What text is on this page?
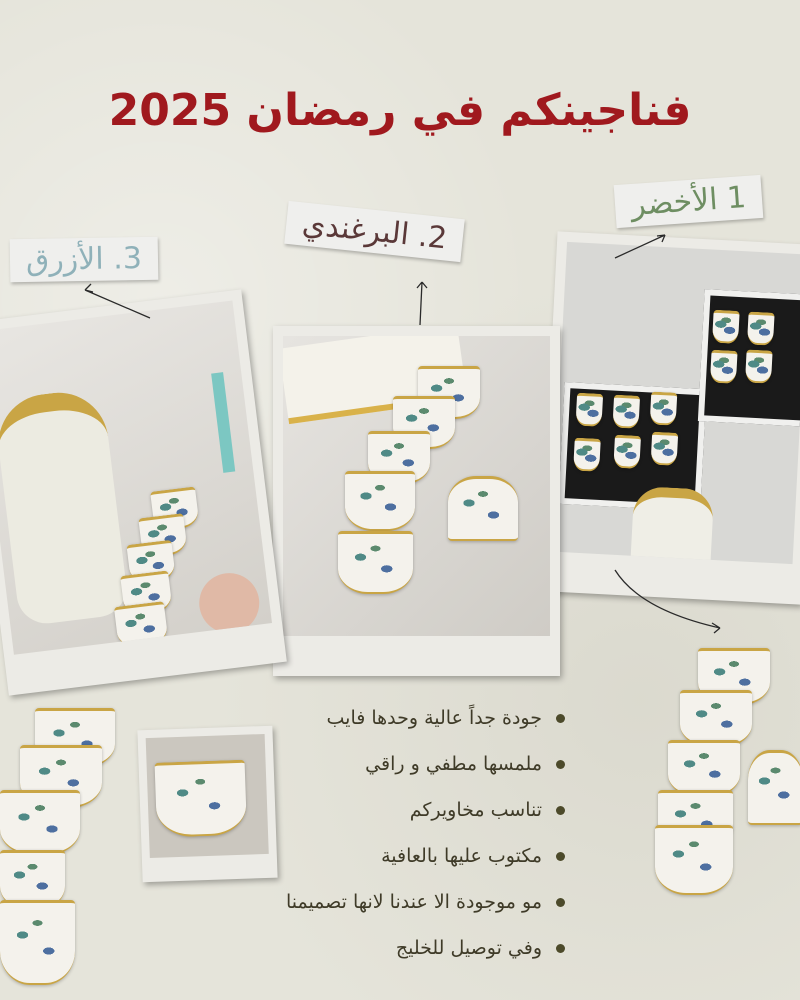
فناجينكم في رمضان 2025
1 الأخضر
2. البرغندي
3. الأزرق
جودة جداً عالية وحدها فايب
ملمسها مطفي و راقي
تناسب مخاويركم
مكتوب عليها بالعافية
مو موجودة الا عندنا لانها تصميمنا
وفي توصيل للخليج
